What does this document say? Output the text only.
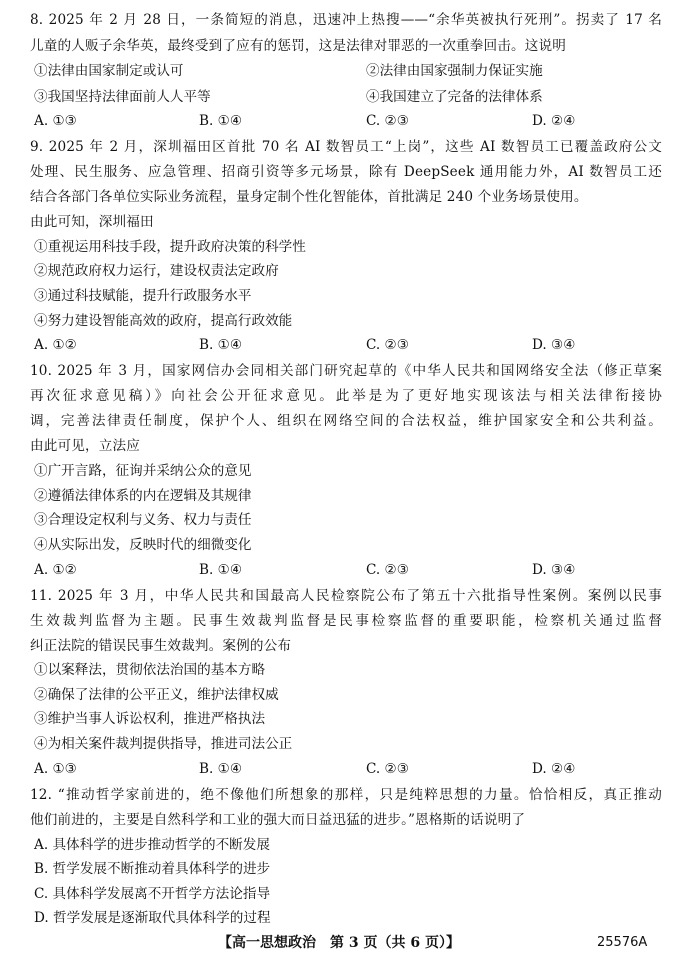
8. 2025 年 2 月 28 日，一条简短的消息，迅速冲上热搜——“余华英被执行死刑”。拐卖了 17 名
儿童的人贩子余华英，最终受到了应有的惩罚，这是法律对罪恶的一次重拳回击。这说明
①法律由国家制定或认可	②法律由国家强制力保证实施
③我国坚持法律面前人人平等	④我国建立了完备的法律体系
A. ①③	B. ①④	C. ②③	D. ②④
9. 2025 年 2 月，深圳福田区首批 70 名 AI 数智员工“上岗”，这些 AI 数智员工已覆盖政府公文
处理、民生服务、应急管理、招商引资等多元场景，除有 DeepSeek 通用能力外，AI 数智员工还
结合各部门各单位实际业务流程，量身定制个性化智能体，首批满足 240 个业务场景使用。
由此可知，深圳福田
①重视运用科技手段，提升政府决策的科学性
②规范政府权力运行，建设权责法定政府
③通过科技赋能，提升行政服务水平
④努力建设智能高效的政府，提高行政效能
A. ①②	B. ①④	C. ②③	D. ③④
10. 2025 年 3 月，国家网信办会同相关部门研究起草的《中华人民共和国网络安全法（修正草案
再次征求意见稿）》向社会公开征求意见。此举是为了更好地实现该法与相关法律衔接协
调，完善法律责任制度，保护个人、组织在网络空间的合法权益，维护国家安全和公共利益。
由此可见，立法应
①广开言路，征询并采纳公众的意见
②遵循法律体系的内在逻辑及其规律
③合理设定权利与义务、权力与责任
④从实际出发，反映时代的细微变化
A. ①②	B. ①④	C. ②③	D. ③④
11. 2025 年 3 月，中华人民共和国最高人民检察院公布了第五十六批指导性案例。案例以民事
生效裁判监督为主题。民事生效裁判监督是民事检察监督的重要职能，检察机关通过监督
纠正法院的错误民事生效裁判。案例的公布
①以案释法，贯彻依法治国的基本方略
②确保了法律的公平正义，维护法律权威
③维护当事人诉讼权利，推进严格执法
④为相关案件裁判提供指导，推进司法公正
A. ①③	B. ①④	C. ②③	D. ②④
12. “推动哲学家前进的，绝不像他们所想象的那样，只是纯粹思想的力量。恰恰相反，真正推动
他们前进的，主要是自然科学和工业的强大而日益迅猛的进步。”恩格斯的话说明了
A. 具体科学的进步推动哲学的不断发展
B. 哲学发展不断推动着具体科学的进步
C. 具体科学发展离不开哲学方法论指导
D. 哲学发展是逐渐取代具体科学的过程
【高一思想政治　第 3 页（共 6 页）】	25576A
